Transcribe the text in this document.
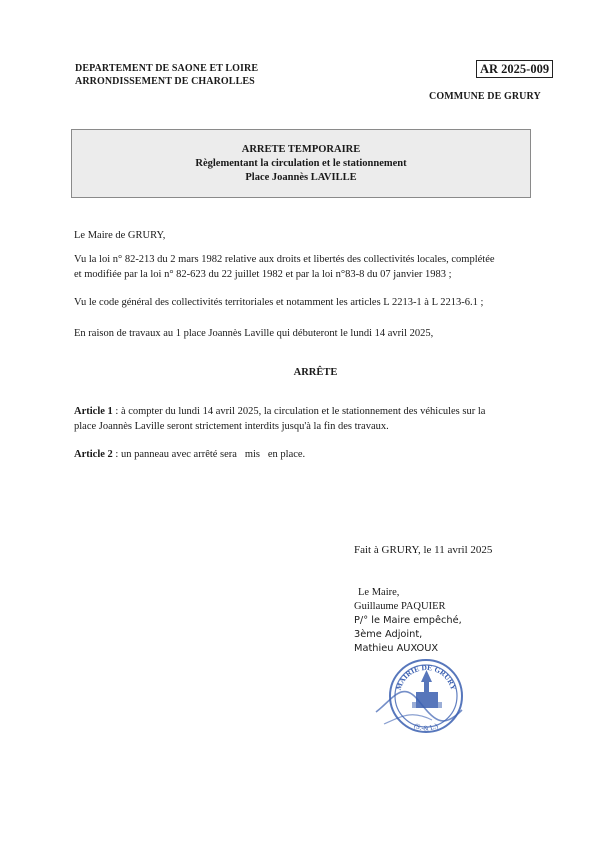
DEPARTEMENT DE SAONE ET LOIRE
ARRONDISSEMENT DE CHAROLLES
AR 2025-009
COMMUNE DE GRURY
ARRETE TEMPORAIRE
Règlementant la circulation et le stationnement
Place Joannès LAVILLE
Le Maire de GRURY,
Vu la loi n° 82-213 du 2 mars 1982 relative aux droits et libertés des collectivités locales, complétée
et modifiée par la loi n° 82-623 du 22 juillet 1982 et par la loi n°83-8 du 07 janvier 1983 ;
Vu le code général des collectivités territoriales et notamment les articles L 2213-1 à L 2213-6.1 ;
En raison de travaux au 1 place Joannès Laville qui débuteront le lundi 14 avril 2025,
ARRÊTE
Article 1 : à compter du lundi 14 avril 2025, la circulation et le stationnement des véhicules sur la
place Joannès Laville seront strictement interdits jusqu'à la fin des travaux.
Article 2 : un panneau avec arrêté sera   mis   en place.
Fait à GRURY, le 11 avril 2025
Le Maire,
Guillaume PAQUIER
P/° le Maire empêché,
3ème Adjoint,
Mathieu AUXOUX
MAIRIE DE GRURY
(S.-& L.)
